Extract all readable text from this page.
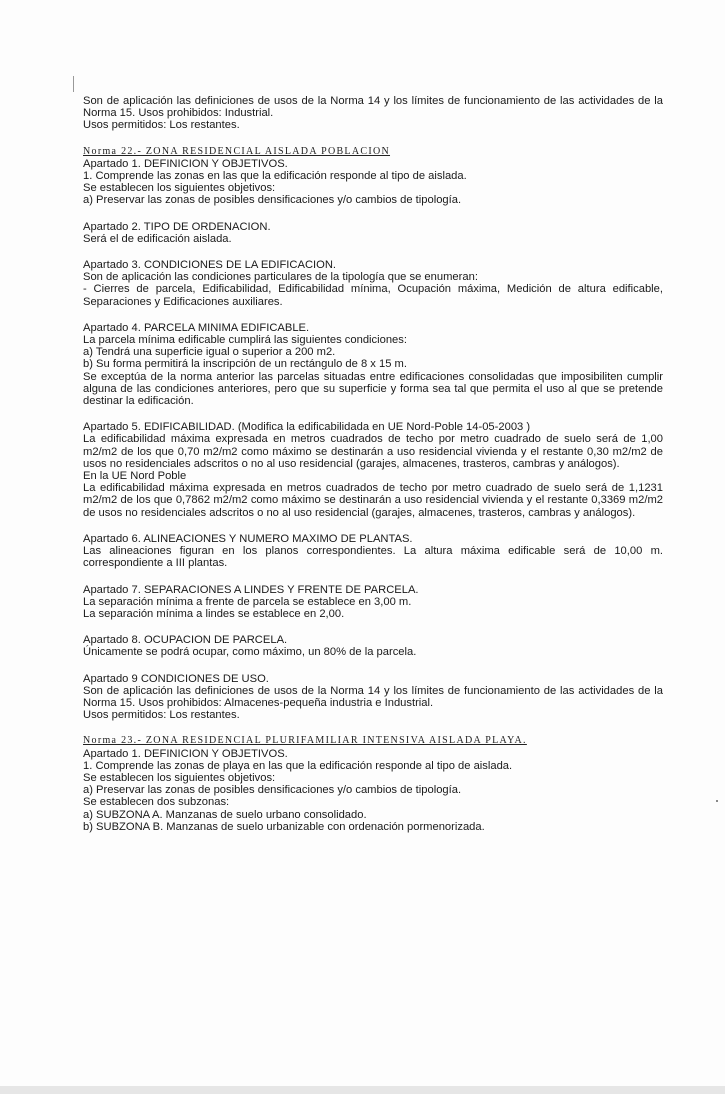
Son de aplicación las definiciones de usos de la Norma 14 y los límites de funcionamiento de las actividades de la Norma 15. Usos prohibidos: Industrial.

Usos permitidos: Los restantes.

Norma 22.- ZONA RESIDENCIAL AISLADA POBLACION

Apartado 1. DEFINICION Y OBJETIVOS.

1. Comprende las zonas en las que la edificación responde al tipo de aislada.

Se establecen los siguientes objetivos:

a) Preservar las zonas de posibles densificaciones y/o cambios de tipología.

Apartado 2. TIPO DE ORDENACION.

Será el de edificación aislada.

Apartado 3. CONDICIONES DE LA EDIFICACION.

Son de aplicación las condiciones particulares de la tipología que se enumeran:

- Cierres de parcela, Edificabilidad, Edificabilidad mínima, Ocupación máxima, Medición de altura edificable, Separaciones y Edificaciones auxiliares.

Apartado 4. PARCELA MINIMA EDIFICABLE.

La parcela mínima edificable cumplirá las siguientes condiciones:

a) Tendrá una superficie igual o superior a 200 m2.

b) Su forma permitirá la inscripción de un rectángulo de 8 x 15 m.

Se exceptúa de la norma anterior las parcelas situadas entre edificaciones consolidadas que imposibiliten cumplir alguna de las condiciones anteriores, pero que su superficie y forma sea tal que permita el uso al que se pretende destinar la edificación.

Apartado 5. EDIFICABILIDAD. (Modifica la edificabilidada en UE Nord-Poble 14-05-2003 )

La edificabilidad máxima expresada en metros cuadrados de techo por metro cuadrado de suelo será de 1,00 m2/m2 de los que 0,70 m2/m2 como máximo se destinarán a uso residencial vivienda y el restante 0,30 m2/m2 de usos no residenciales adscritos o no al uso residencial (garajes, almacenes, trasteros, cambras y análogos).

En la UE Nord Poble

La edificabilidad máxima expresada en metros cuadrados de techo por metro cuadrado de suelo será de 1,1231 m2/m2 de los que 0,7862 m2/m2 como máximo se destinarán a uso residencial vivienda y el restante 0,3369 m2/m2 de usos no residenciales adscritos o no al uso residencial (garajes, almacenes, trasteros, cambras y análogos).

Apartado 6. ALINEACIONES Y NUMERO MAXIMO DE PLANTAS.

Las alineaciones figuran en los planos correspondientes. La altura máxima edificable será de 10,00 m. correspondiente a III plantas.

Apartado 7. SEPARACIONES A LINDES Y FRENTE DE PARCELA.

La separación mínima a frente de parcela se establece en 3,00 m.

La separación mínima a lindes se establece en 2,00.

Apartado 8. OCUPACION DE PARCELA.

Únicamente se podrá ocupar, como máximo, un 80% de la parcela.

Apartado 9 CONDICIONES DE USO.

Son de aplicación las definiciones de usos de la Norma 14 y los límites de funcionamiento de las actividades de la Norma 15. Usos prohibidos: Almacenes-pequeña industria e Industrial.

Usos permitidos: Los restantes.

Norma 23.- ZONA RESIDENCIAL PLURIFAMILIAR INTENSIVA AISLADA PLAYA.

Apartado 1. DEFINICION Y OBJETIVOS.

1. Comprende las zonas de playa en las que la edificación responde al tipo de aislada.

Se establecen los siguientes objetivos:

a) Preservar las zonas de posibles densificaciones y/o cambios de tipología.

Se establecen dos subzonas:

a) SUBZONA A. Manzanas de suelo urbano consolidado.

b) SUBZONA B. Manzanas de suelo urbanizable con ordenación pormenorizada.
